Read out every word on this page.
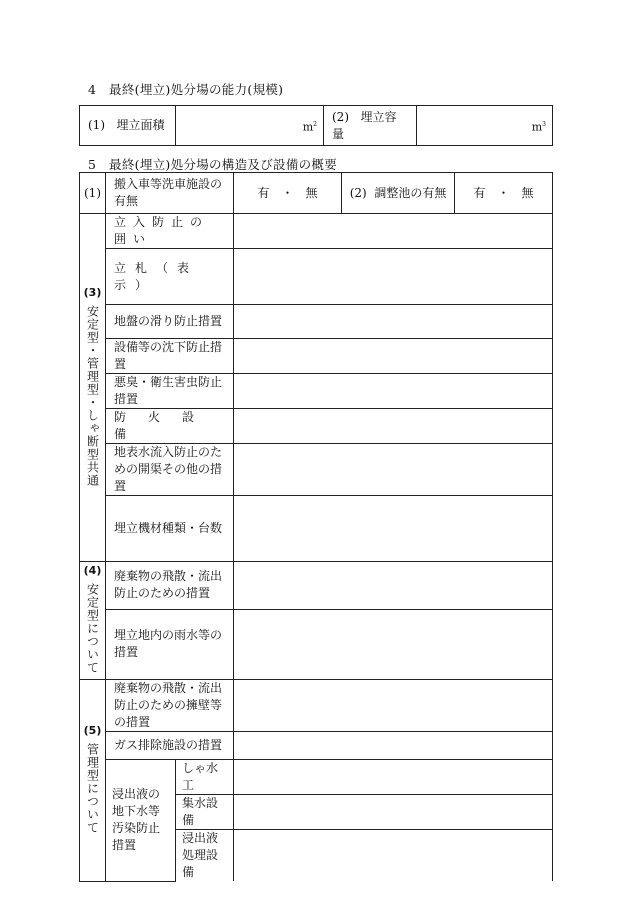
4　最終(埋立)処分場の能力(規模)
(1) 埋立面積	$m^2$	(2) 埋立容量	$m^3$
5　最終(埋立)処分場の構造及び設備の概要
(1)	搬入車等洗車施設の有無		有　・　無	(2) 調整池の有無	有　・　無

(3)
安定型・管理型・しゃ断型共通	立入防止の囲い				

	立札（表示）				
	地盤の滑り防止措置				
	設備等の沈下防止措置				
	悪臭・衛生害虫防止措置				
	防火設備				
	地表水流入防止のための開渠その他の措置				
	埋立機材種類・台数				

(4)
安定型について	廃棄物の飛散・流出防止のための措置				
	埋立地内の雨水等の措置				

(5)
管理型について	廃棄物の飛散・流出防止のための擁壁等の措置				
	ガス排除施設の措置				
	浸出液の地下水等汚染防止措置	しゃ水工			
		集水設備			
		浸出液処理設備			
